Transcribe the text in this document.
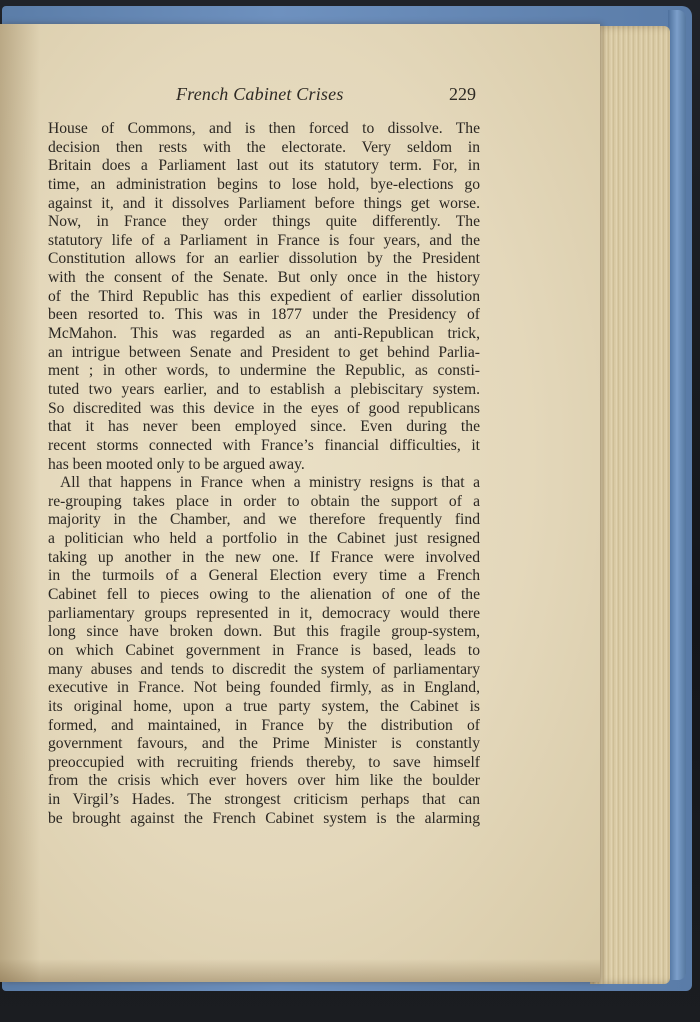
French Cabinet Crises	229
House of Commons, and is then forced to dissolve. The
decision then rests with the electorate. Very seldom in
Britain does a Parliament last out its statutory term. For, in
time, an administration begins to lose hold, bye-elections go
against it, and it dissolves Parliament before things get worse.
Now, in France they order things quite differently. The
statutory life of a Parliament in France is four years, and the
Constitution allows for an earlier dissolution by the President
with the consent of the Senate. But only once in the history
of the Third Republic has this expedient of earlier dissolution
been resorted to. This was in 1877 under the Presidency of
McMahon. This was regarded as an anti-Republican trick,
an intrigue between Senate and President to get behind Parlia-
ment ; in other words, to undermine the Republic, as consti-
tuted two years earlier, and to establish a plebiscitary system.
So discredited was this device in the eyes of good republicans
that it has never been employed since. Even during the
recent storms connected with France’s financial difficulties, it
has been mooted only to be argued away.
All that happens in France when a ministry resigns is that a
re-grouping takes place in order to obtain the support of a
majority in the Chamber, and we therefore frequently find
a politician who held a portfolio in the Cabinet just resigned
taking up another in the new one. If France were involved
in the turmoils of a General Election every time a French
Cabinet fell to pieces owing to the alienation of one of the
parliamentary groups represented in it, democracy would there
long since have broken down. But this fragile group-system,
on which Cabinet government in France is based, leads to
many abuses and tends to discredit the system of parliamentary
executive in France. Not being founded firmly, as in England,
its original home, upon a true party system, the Cabinet is
formed, and maintained, in France by the distribution of
government favours, and the Prime Minister is constantly
preoccupied with recruiting friends thereby, to save himself
from the crisis which ever hovers over him like the boulder
in Virgil’s Hades. The strongest criticism perhaps that can
be brought against the French Cabinet system is the alarming
